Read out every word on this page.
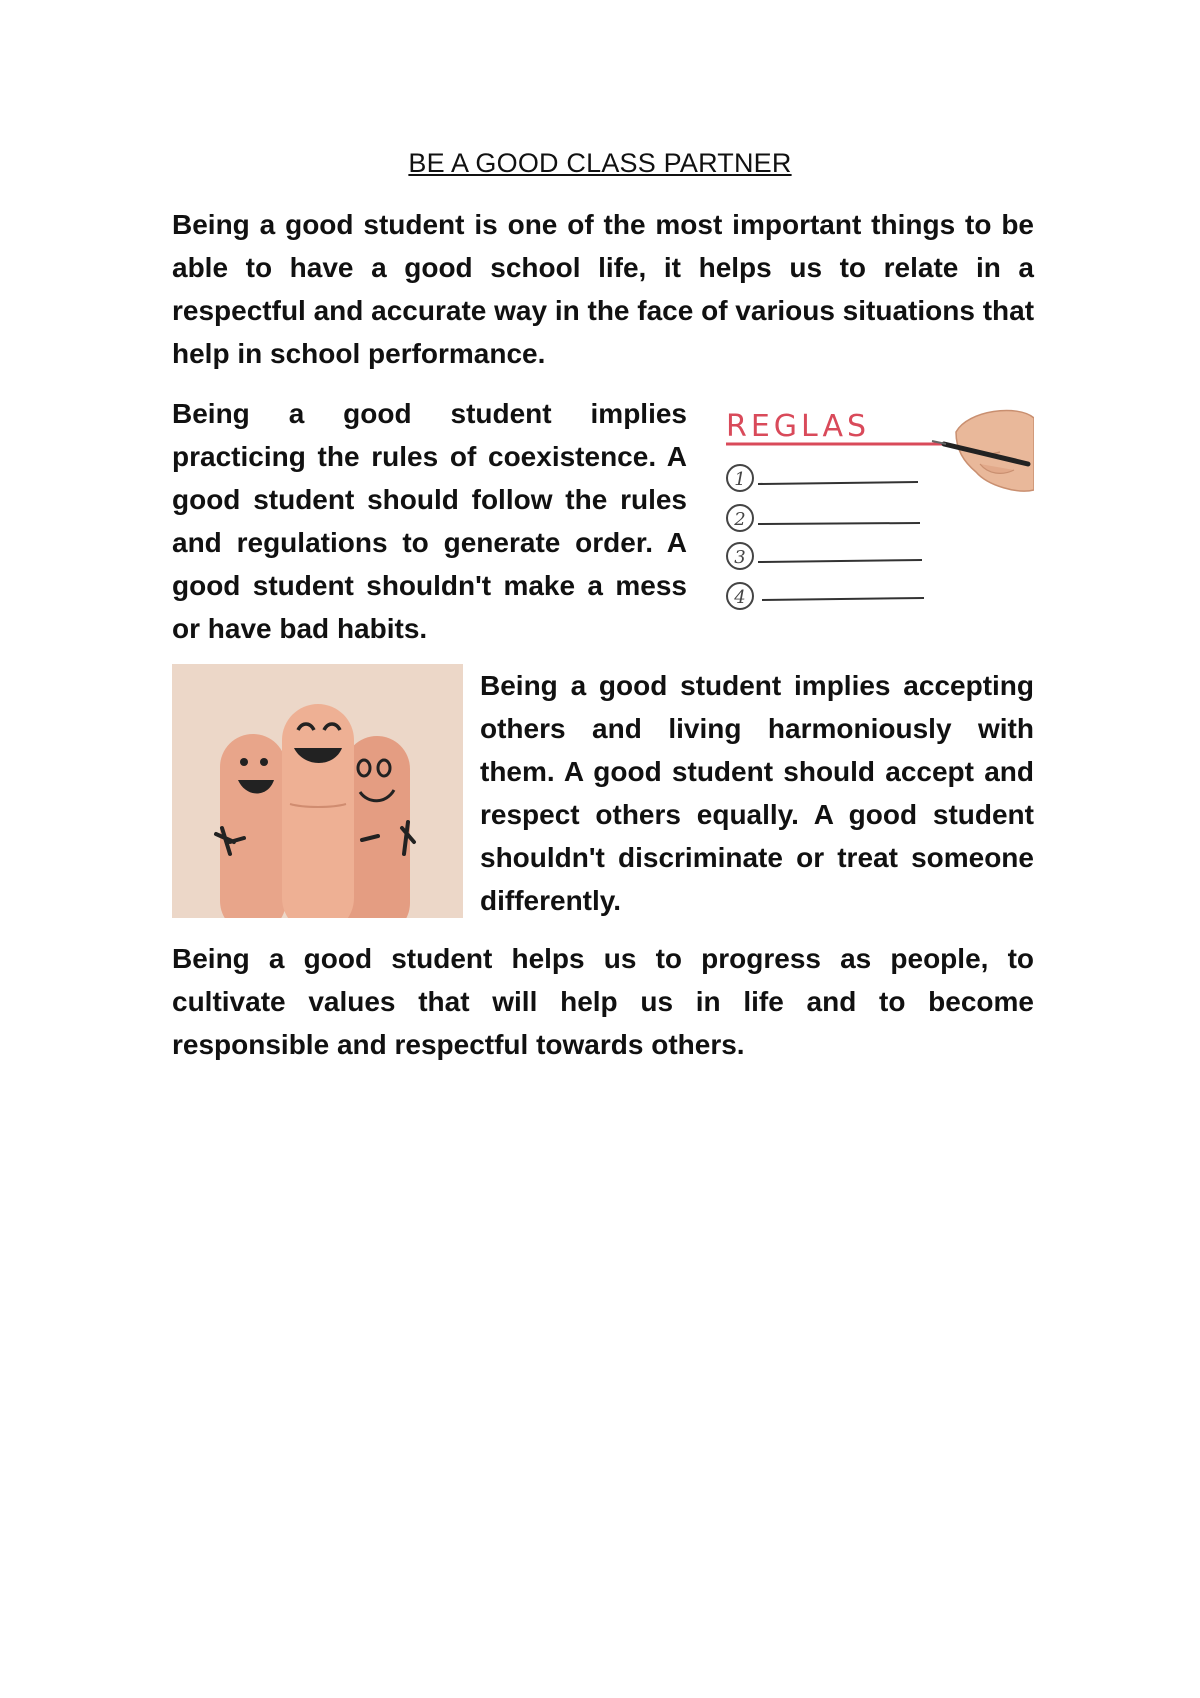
BE A GOOD CLASS PARTNER

Being a good student is one of the most important things to be able to have a good school life, it helps us to relate in a respectful and accurate way in the face of various situations that help in school performance.

Being a good student implies practicing the rules of coexistence. A good student should follow the rules and regulations to generate order. A good student shouldn't make a mess or have bad habits.

REGLAS
1
2
3
4

Being a good student implies accepting others and living harmoniously with them. A good student should accept and respect others equally. A good student shouldn't discriminate or treat someone differently.

Being a good student helps us to progress as people, to cultivate values that will help us in life and to become responsible and respectful towards others.
